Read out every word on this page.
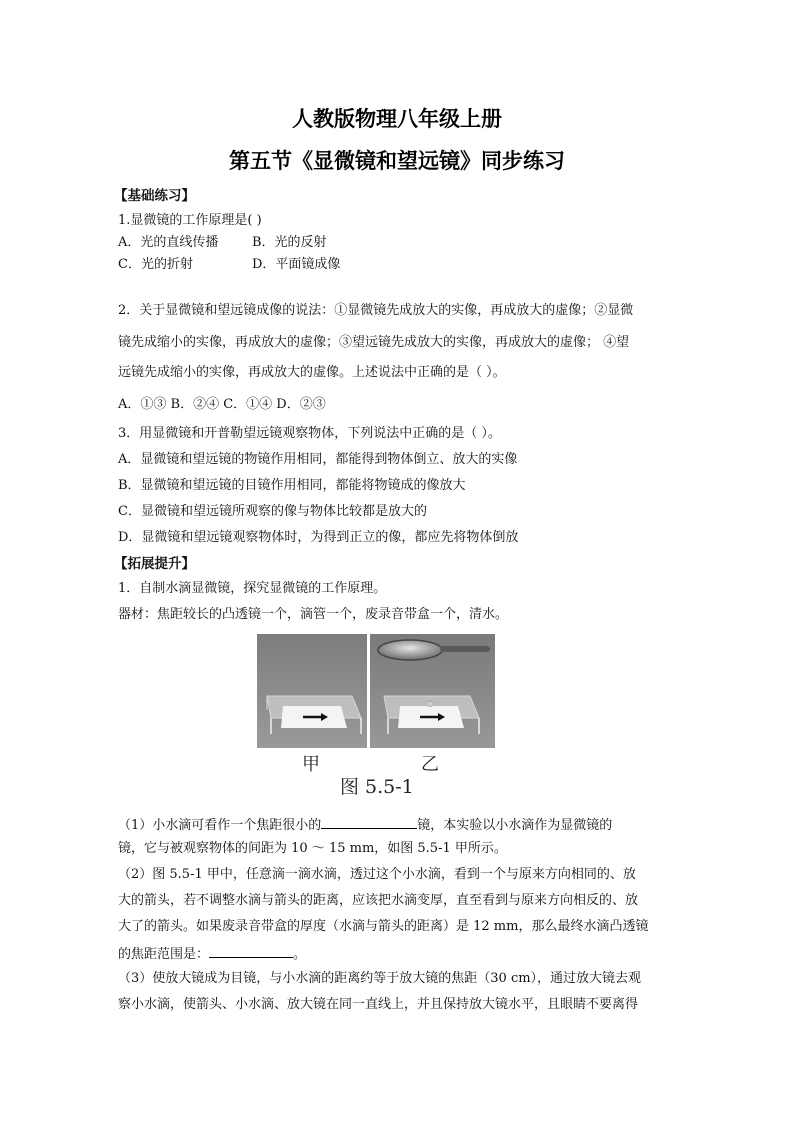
人教版物理八年级上册
第五节《显微镜和望远镜》同步练习
【基础练习】
1.显微镜的工作原理是( )
A．光的直线传播	B．光的反射
C．光的折射	D．平面镜成像
2．关于显微镜和望远镜成像的说法：①显微镜先成放大的实像，再成放大的虚像；②显微
镜先成缩小的实像，再成放大的虚像；③望远镜先成放大的实像，再成放大的虚像； ④望
远镜先成缩小的实像，再成放大的虚像。上述说法中正确的是（ ）。
A．①③ B．②④ C．①④ D．②③
3．用显微镜和开普勒望远镜观察物体，下列说法中正确的是（ ）。
A．显微镜和望远镜的物镜作用相同，都能得到物体倒立、放大的实像
B．显微镜和望远镜的目镜作用相同，都能将物镜成的像放大
C．显微镜和望远镜所观察的像与物体比较都是放大的
D．显微镜和望远镜观察物体时，为得到正立的像，都应先将物体倒放
【拓展提升】
1．自制水滴显微镜，探究显微镜的工作原理。
器材：焦距较长的凸透镜一个，滴管一个，废录音带盒一个，清水。
甲	乙
图 5.5-1
（1）小水滴可看作一个焦距很小的	镜，本实验以小水滴作为显微镜的
镜，它与被观察物体的间距为 10 ～ 15 mm，如图 5.5-1 甲所示。
（2）图 5.5-1 甲中，任意滴一滴水滴，透过这个小水滴，看到一个与原来方向相同的、放
大的箭头，若不调整水滴与箭头的距离，应该把水滴变厚，直至看到与原来方向相反的、放
大了的箭头。如果废录音带盒的厚度（水滴与箭头的距离）是 12 mm，那么最终水滴凸透镜
的焦距范围是：	。
（3）使放大镜成为目镜，与小水滴的距离约等于放大镜的焦距（30 cm），通过放大镜去观
察小水滴，使箭头、小水滴、放大镜在同一直线上，并且保持放大镜水平，且眼睛不要离得
